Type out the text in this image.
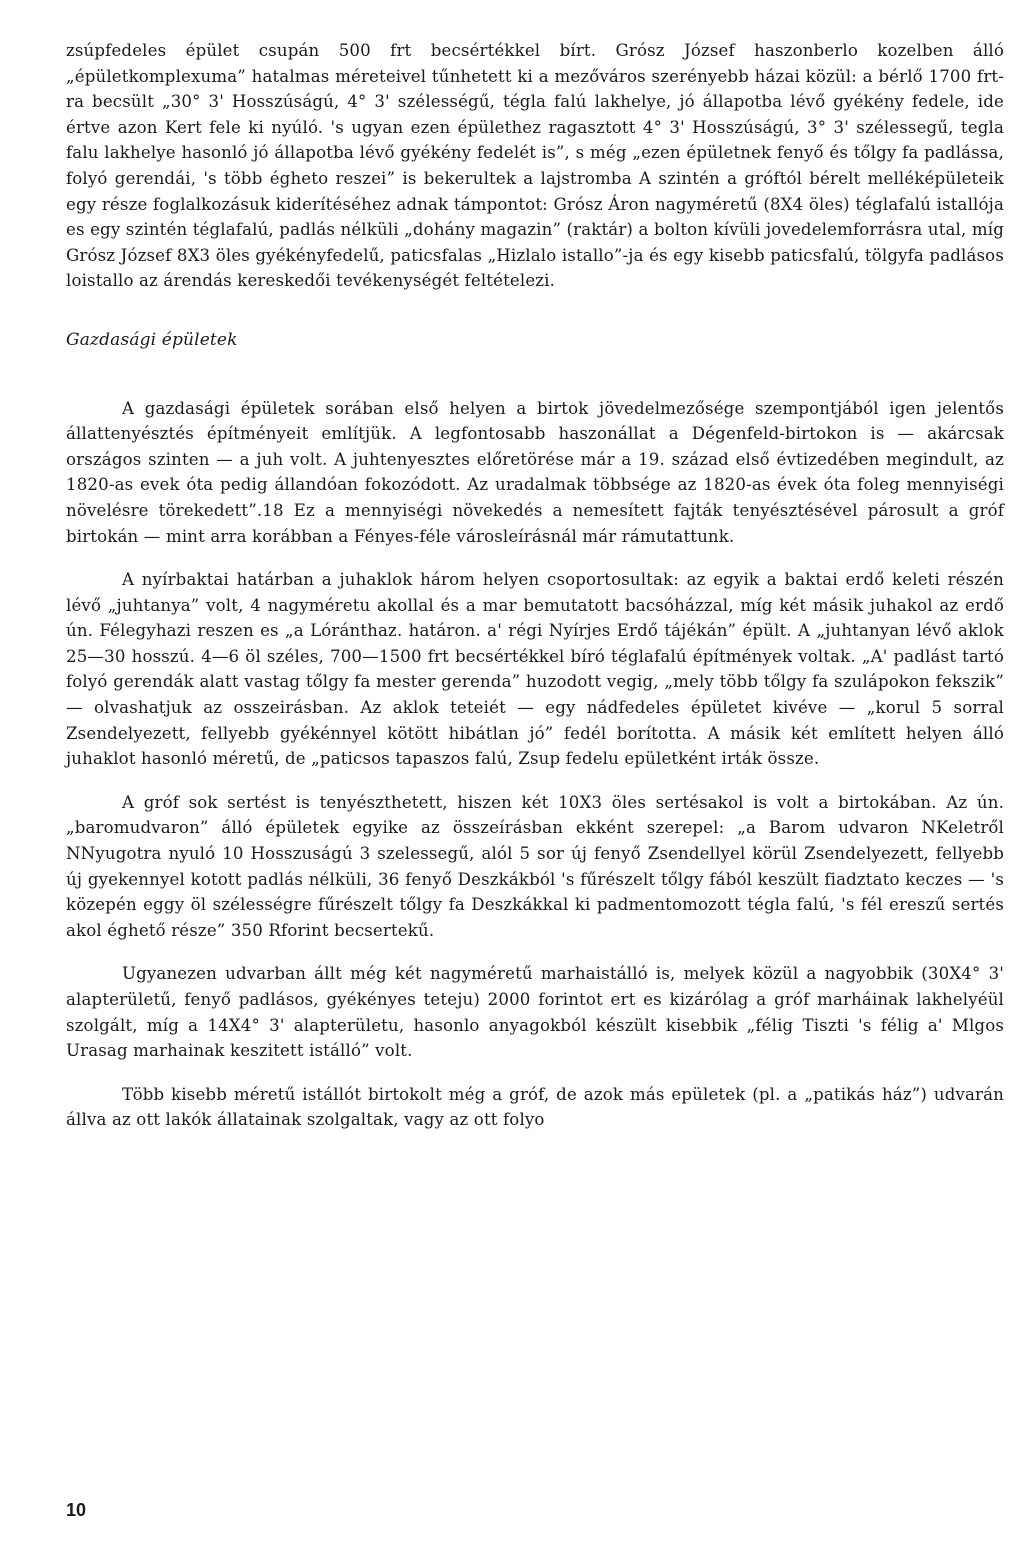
zsúpfedeles épület csupán 500 frt becsértékkel bírt. Grósz József haszonberlo kozelben álló „épületkomplexuma” hatalmas méreteivel tűnhetett ki a mezőváros szerényebb házai közül: a bérlő 1700 frt-ra becsült „30° 3' Hosszúságú, 4° 3' szélességű, tégla falú lakhelye, jó állapotba lévő gyékény fedele, ide értve azon Kert fele ki nyúló. 's ugyan ezen épülethez ragasztott 4° 3' Hosszúságú, 3° 3' szélessegű, tegla falu lakhelye hasonló jó állapotba lévő gyékény fedelét is”, s még „ezen épületnek fenyő és tőlgy fa padlássa, folyó gerendái, 's több égheto reszei” is bekerultek a lajstromba A szintén a gróftól bérelt melléképületeik egy része foglalkozásuk kiderítéséhez adnak támpontot: Grósz Áron nagyméretű (8X4 öles) téglafalú istallója es egy szintén téglafalú, padlás nélküli „dohány magazin” (raktár) a bolton kívüli jovedelemforrásra utal, míg Grósz József 8X3 öles gyékényfedelű, paticsfalas „Hizlalo istallo”-ja és egy kisebb paticsfalú, tölgyfa padlásos loistallo az árendás kereskedői tevékenységét feltételezi.

Gazdasági épületek

A gazdasági épületek sorában első helyen a birtok jövedelmezősége szempontjából igen jelentős állattenyésztés építményeit említjük. A legfontosabb haszonállat a Dégenfeld-birtokon is — akárcsak országos szinten — a juh volt. A juhtenyesztes előretörése már a 19. század első évtizedében megindult, az 1820-as evek óta pedig állandóan fokozódott. Az uradalmak többsége az 1820-as évek óta foleg mennyiségi növelésre törekedett”.18 Ez a mennyiségi növekedés a nemesített fajták tenyésztésével párosult a gróf birtokán — mint arra korábban a Fényes-féle városleírásnál már rámutattunk.

A nyírbaktai határban a juhaklok három helyen csoportosultak: az egyik a baktai erdő keleti részén lévő „juhtanya” volt, 4 nagyméretu akollal és a mar bemutatott bacsóházzal, míg két másik juhakol az erdő ún. Félegyhazi reszen es „a Lóránthaz. határon. a' régi Nyírjes Erdő tájékán” épült. A „juhtanyan lévő aklok 25—30 hosszú. 4—6 öl széles, 700—1500 frt becsértékkel bíró téglafalú építmények voltak. „A' padlást tartó folyó gerendák alatt vastag tőlgy fa mester gerenda” huzodott vegig, „mely több tőlgy fa szulápokon fekszik” — olvashatjuk az osszeirásban. Az aklok teteiét — egy nádfedeles épületet kivéve — „korul 5 sorral Zsendelyezett, fellyebb gyékénnyel kötött hibátlan jó” fedél borította. A másik két említett helyen álló juhaklot hasonló méretű, de „paticsos tapaszos falú, Zsup fedelu epületként irták össze.

A gróf sok sertést is tenyészthetett, hiszen két 10X3 öles sertésakol is volt a birtokában. Az ún. „baromudvaron” álló épületek egyike az összeírásban ekként szerepel: „a Barom udvaron NKeletről NNyugotra nyuló 10 Hosszuságú 3 szelessegű, alól 5 sor új fenyő Zsendellyel körül Zsendelyezett, fellyebb új gyekennyel kotott padlás nélküli, 36 fenyő Deszkákból 's fűrészelt tőlgy fából keszült fiadztato keczes — 's közepén eggy öl szélességre fűrészelt tőlgy fa Deszkákkal ki padmentomozott tégla falú, 's fél ereszű sertés akol éghető része” 350 Rforint becsertekű.

Ugyanezen udvarban állt még két nagyméretű marhaistálló is, melyek közül a nagyobbik (30X4° 3' alapterületű, fenyő padlásos, gyékényes teteju) 2000 forintot ert es kizárólag a gróf marháinak lakhelyéül szolgált, míg a 14X4° 3' alapterületu, hasonlo anyagokból készült kisebbik „félig Tiszti 's félig a' Mlgos Urasag marhainak keszitett istálló” volt.

Több kisebb méretű istállót birtokolt még a gróf, de azok más epületek (pl. a „patikás ház”) udvarán állva az ott lakók állatainak szolgaltak, vagy az ott folyo

10
